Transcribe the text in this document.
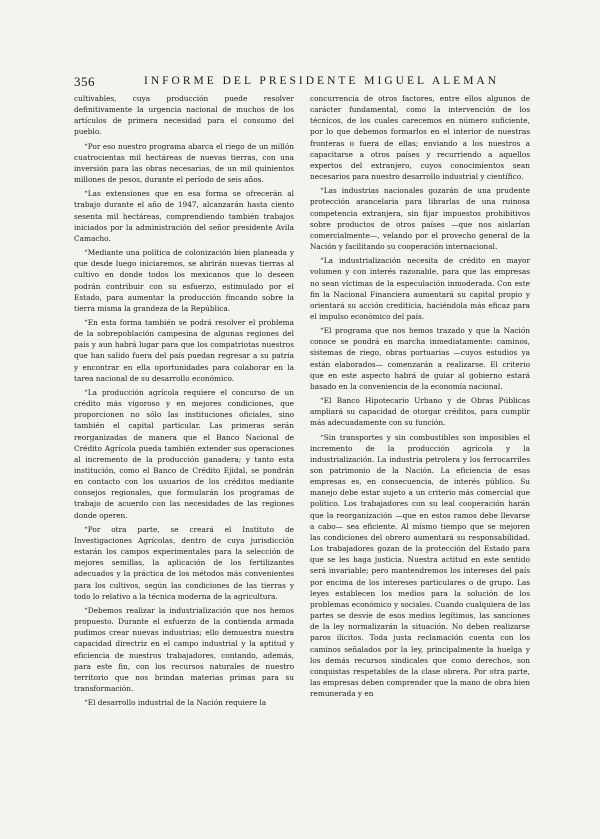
356	INFORME DEL PRESIDENTE MIGUEL ALEMAN

cultivables, cuya producción puede resolver definitivamente la urgencia nacional de muchos de los artículos de primera necesidad para el consumo del pueblo.

“Por eso nuestro programa abarca el riego de un millón cuatrocientas mil hectáreas de nuevas tierras, con una inversión para las obras necesarias, de un mil quinientos millones de pesos, durante el período de seis años.

“Las extensiones que en esa forma se ofrecerán al trabajo durante el año de 1947, alcanzarán hasta ciento sesenta mil hectáreas, comprendiendo también trabajos iniciados por la administración del señor presidente Avila Camacho.

“Mediante una política de colonización bien planeada y que desde luego iniciaremos, se abrirán nuevas tierras al cultivo en donde todos los mexicanos que lo deseen podrán contribuir con su esfuerzo, estimulado por el Estado, para aumentar la producción fincando sobre la tierra misma la grandeza de la República.

“En esta forma también se podrá resolver el problema de la sobrepoblación campesina de algunas regiones del país y aun habrá lugar para que los compatriotas nuestros que han salido fuera del país puedan regresar a su patria y encontrar en ella oportunidades para colaborar en la tarea nacional de su desarrollo económico.

“La producción agrícola requiere el concurso de un crédito más vigoroso y en mejores condiciones, que proporcionen no sólo las instituciones oficiales, sino también el capital particular. Las primeras serán reorganizadas de manera que el Banco Nacional de Crédito Agrícola pueda también extender sus operaciones al incremento de la producción ganadera; y tanto esta institución, como el Banco de Crédito Ejidal, se pondrán en contacto con los usuarios de los créditos mediante consejos regionales, que formularán los programas de trabajo de acuerdo con las necesidades de las regiones donde operen.

“Por otra parte, se creará el Instituto de Investigaciones Agrícolas, dentro de cuya jurisdicción estarán los campos experimentales para la selección de mejores semillas, la aplicación de los fertilizantes adecuados y la práctica de los métodos más convenientes para los cultivos, según las condiciones de las tierras y todo lo relativo a la técnica moderna de la agricultura.

“Debemos realizar la industrialización que nos hemos propuesto. Durante el esfuerzo de la contienda armada pudimos crear nuevas industrias; ello demuestra nuestra capacidad directriz en el campo industrial y la aptitud y eficiencia de nuestros trabajadores, contando, además, para este fin, con los recursos naturales de nuestro territorio que nos brindan materias primas para su transformación.

“El desarrollo industrial de la Nación requiere la

concurrencia de otros factores, entre ellos algunos de carácter fundamental, como la intervención de los técnicos, de los cuales carecemos en número suficiente, por lo que debemos formarlos en el interior de nuestras fronteras o fuera de ellas; enviando a los nuestros a capacitarse a otros países y recurriendo a aquellos expertos del extranjero, cuyos conocimientos sean necesarios para nuestro desarrollo industrial y científico.

“Las industrias nacionales gozarán de una prudente protección arancelaria para librarlas de una ruinosa competencia extranjera, sin fijar impuestos prohibitivos sobre productos de otros países —que nos aislarían comercialmente—, velando por el provecho general de la Nación y facilitando su cooperación internacional.

“La industrialización necesita de crédito en mayor volumen y con interés razonable, para que las empresas no sean víctimas de la especulación inmoderada. Con este fin la Nacional Financiera aumentará su capital propio y orientará su acción crediticia, haciéndola más eficaz para el impulso económico del país.

“El programa que nos hemos trazado y que la Nación conoce se pondrá en marcha inmediatamente: caminos, sistemas de riego, obras portuarias —cuyos estudios ya están elaborados— comenzarán a realizarse. El criterio que en este aspecto habrá de guiar al gobierno estará basado en la conveniencia de la economía nacional.

“El Banco Hipotecario Urbano y de Obras Públicas ampliará su capacidad de otorgar créditos, para cumplir más adecuadamente con su función.

“Sin transportes y sin combustibles son imposibles el incremento de la producción agrícola y la industrialización. La industria petrolera y los ferrocarriles son patrimonio de la Nación. La eficiencia de esas empresas es, en consecuencia, de interés público. Su manejo debe estar sujeto a un criterio más comercial que político. Los trabajadores con su leal cooperación harán que la reorganización —que en estos ramos debe llevarse a cabo— sea eficiente. Al mismo tiempo que se mejoren las condiciones del obrero aumentará su responsabilidad. Los trabajadores gozan de la protección del Estado para que se les haga justicia. Nuestra actitud en este sentido será invariable; pero mantendremos los intereses del país por encima de los intereses particulares o de grupo. Las leyes establecen los medios para la solución de los problemas económico y sociales. Cuando cualquiera de las partes se desvíe de esos medios legítimos, las sanciones de la ley normalizarán la situación. No deben realizarse paros ilícitos. Toda justa reclamación cuenta con los caminos señalados por la ley, principalmente la huelga y los demás recursos sindicales que como derechos, son conquistas respetables de la clase obrera. Por otra parte, las empresas deben comprender que la mano de obra bien remunerada y en
